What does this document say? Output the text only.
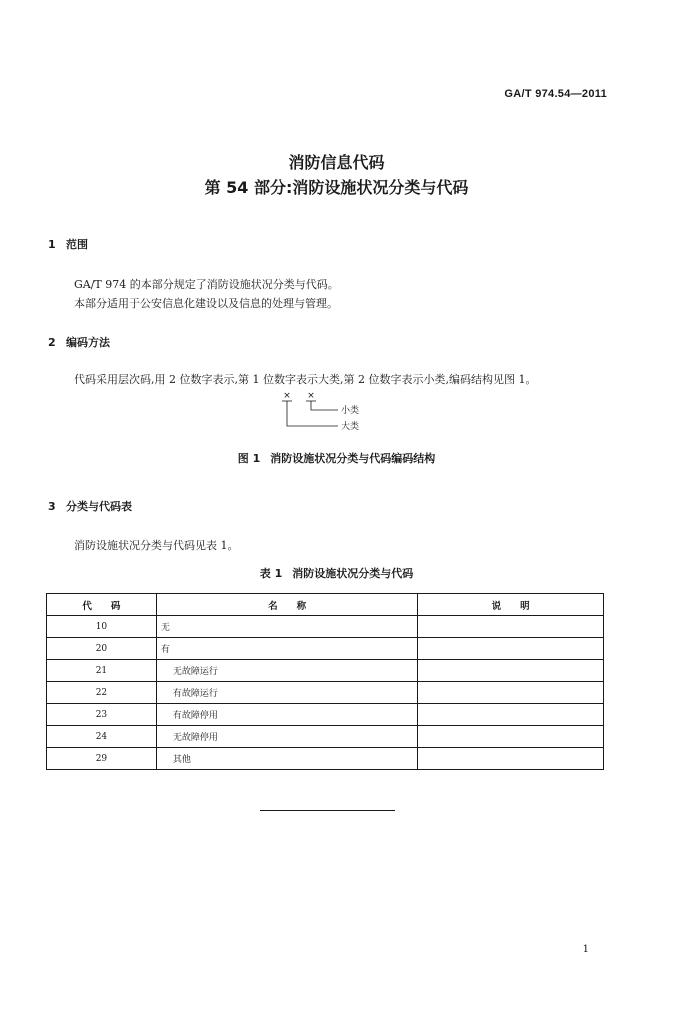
GA/T 974.54—2011
消防信息代码
第 54 部分:消防设施状况分类与代码
1 范围
GA/T 974 的本部分规定了消防设施状况分类与代码。
本部分适用于公安信息化建设以及信息的处理与管理。
2 编码方法
代码采用层次码,用 2 位数字表示,第 1 位数字表示大类,第 2 位数字表示小类,编码结构见图 1。
× ×
小类
大类
图 1 消防设施状况分类与代码编码结构
3 分类与代码表
消防设施状况分类与代码见表 1。
表 1 消防设施状况分类与代码
代　　码	名　　称	说　　明
10	无	
20	有	
21	无故障运行	
22	有故障运行	
23	有故障停用	
24	无故障停用	
29	其他	
1
